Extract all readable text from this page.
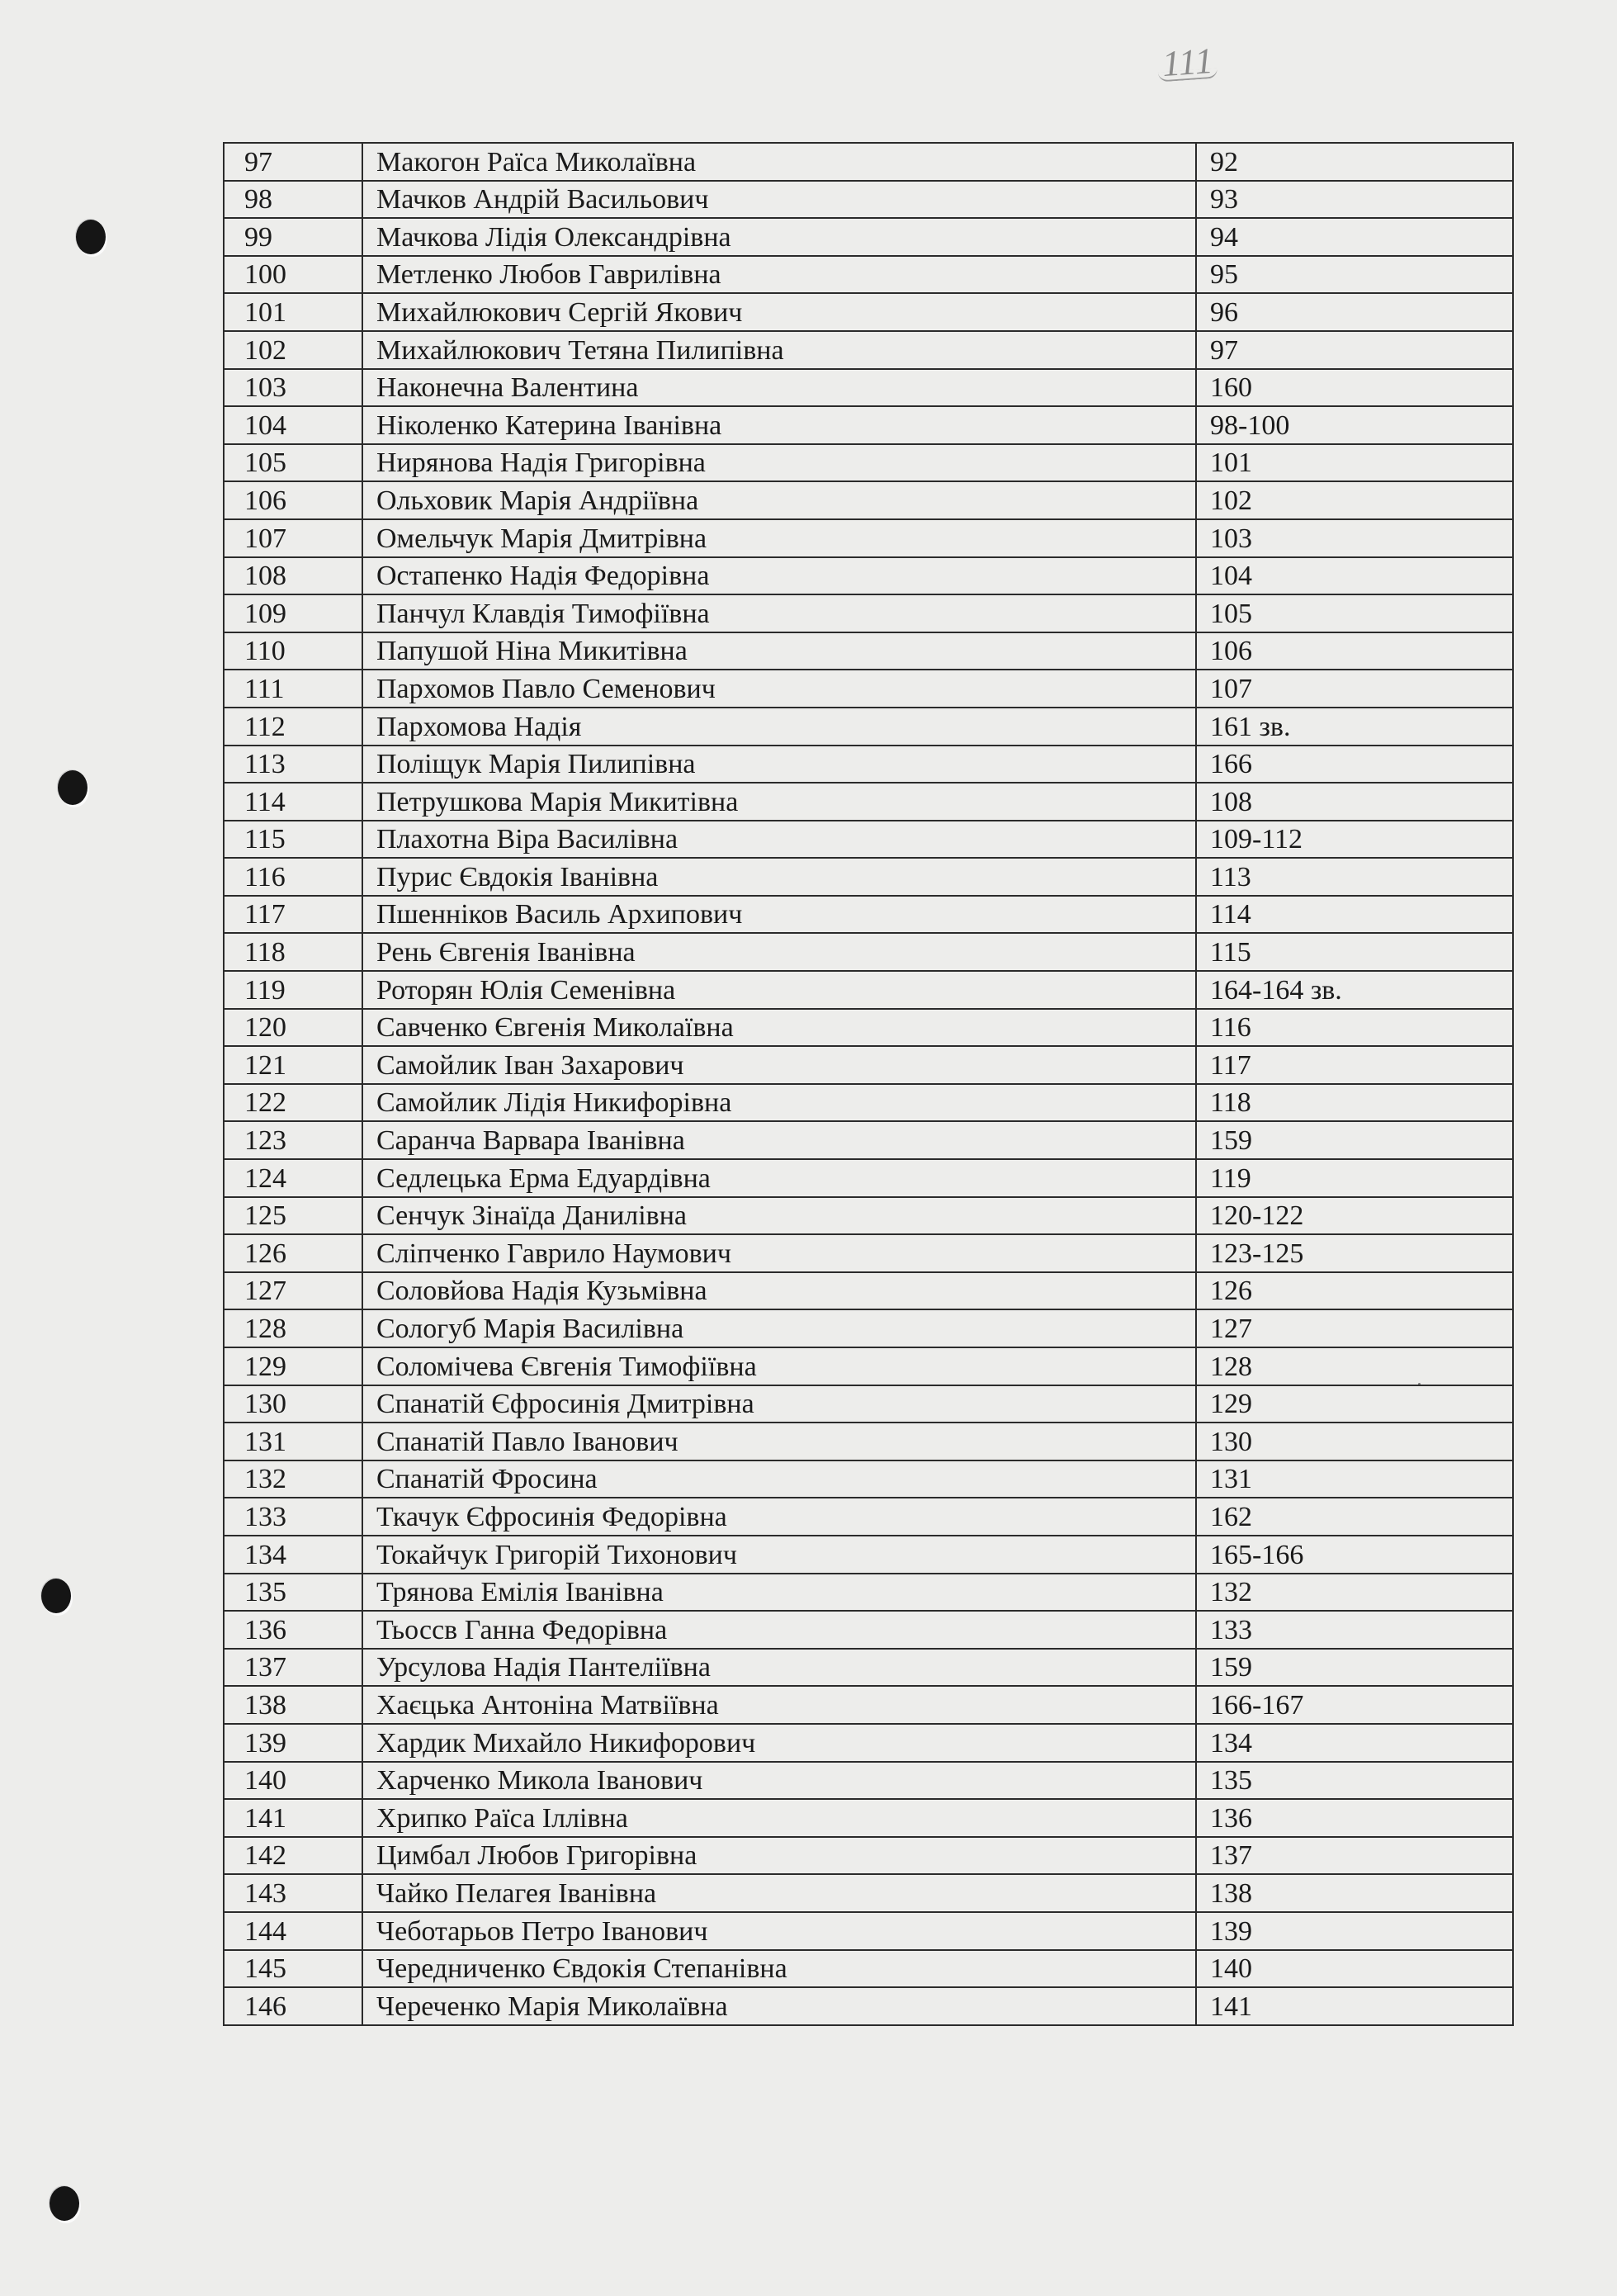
111
97	Макогон Раїса Миколаївна	92
98	Мачков Андрій Васильович	93
99	Мачкова Лідія Олександрівна	94
100	Метленко Любов Гаврилівна	95
101	Михайлюкович Сергій Якович	96
102	Михайлюкович Тетяна Пилипівна	97
103	Наконечна Валентина	160
104	Ніколенко Катерина Іванівна	98-100
105	Нирянова Надія Григорівна	101
106	Ольховик Марія Андріївна	102
107	Омельчук Марія Дмитрівна	103
108	Остапенко Надія Федорівна	104
109	Панчул Клавдія Тимофіївна	105
110	Папушой Ніна Микитівна	106
111	Пархомов Павло Семенович	107
112	Пархомова Надія	161 зв.
113	Поліщук Марія Пилипівна	166
114	Петрушкова Марія Микитівна	108
115	Плахотна Віра Василівна	109-112
116	Пурис Євдокія Іванівна	113
117	Пшенніков Василь Архипович	114
118	Рень Євгенія Іванівна	115
119	Роторян Юлія Семенівна	164-164 зв.
120	Савченко Євгенія Миколаївна	116
121	Самойлик Іван Захарович	117
122	Самойлик Лідія Никифорівна	118
123	Саранча Варвара Іванівна	159
124	Седлецька Ерма Едуардівна	119
125	Сенчук Зінаїда Данилівна	120-122
126	Сліпченко Гаврило Наумович	123-125
127	Соловйова Надія Кузьмівна	126
128	Сологуб Марія Василівна	127
129	Соломічева Євгенія Тимофіївна	128
130	Спанатій Єфросинія Дмитрівна	129
131	Спанатій Павло Іванович	130
132	Спанатій Фросина	131
133	Ткачук Єфросинія Федорівна	162
134	Токайчук Григорій Тихонович	165-166
135	Трянова Емілія Іванівна	132
136	Тьоссв Ганна Федорівна	133
137	Урсулова Надія Пантеліївна	159
138	Хаєцька Антоніна Матвіївна	166-167
139	Хардик Михайло Никифорович	134
140	Харченко Микола Іванович	135
141	Хрипко Раїса Іллівна	136
142	Цимбал Любов Григорівна	137
143	Чайко Пелагея Іванівна	138
144	Чеботарьов Петро Іванович	139
145	Чередниченко Євдокія Степанівна	140
146	Череченко Марія Миколаївна	141
